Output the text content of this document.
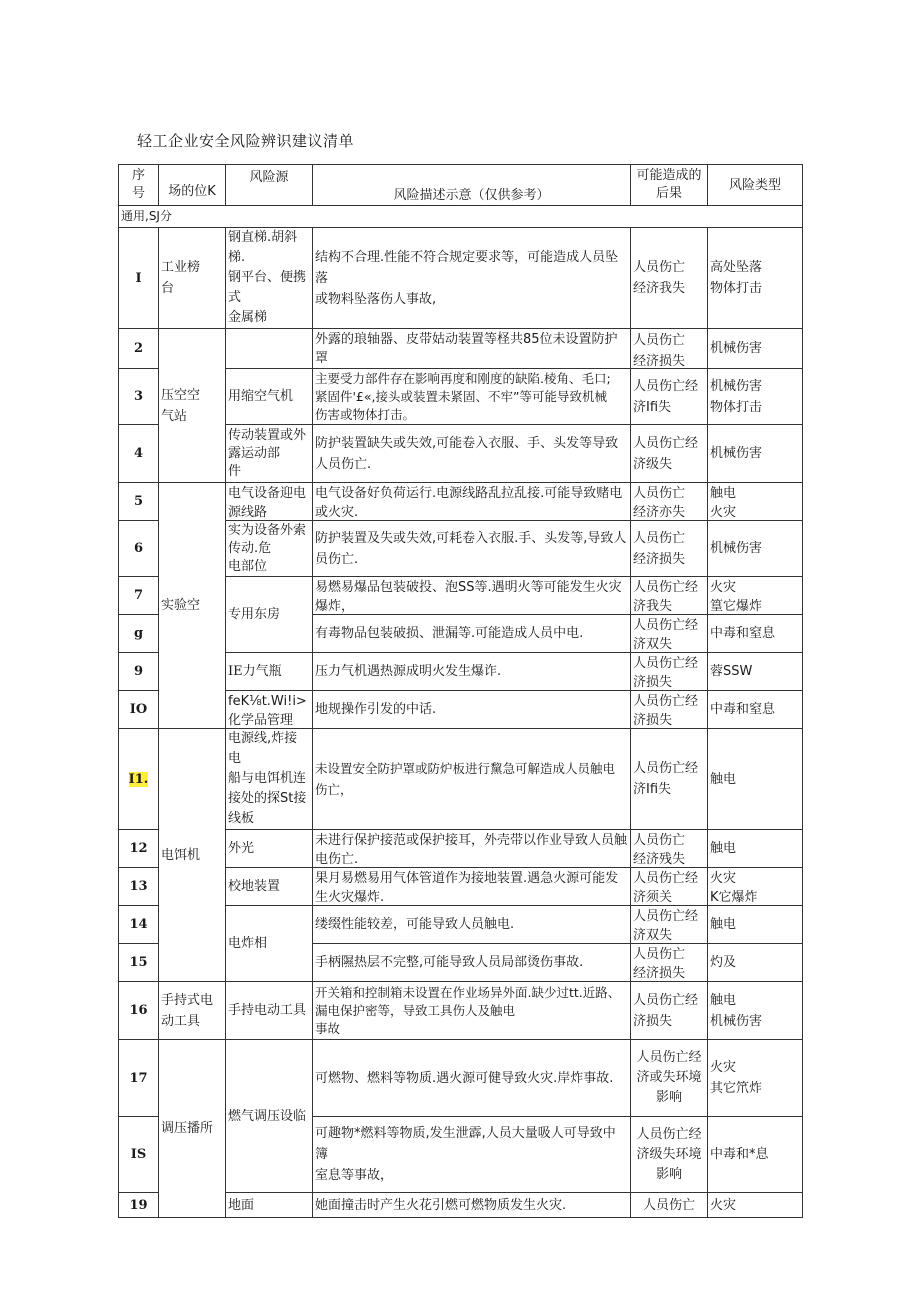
轻工企业安全风险辨识建议清单
序
号	场的位K	风险源	风险描述示意（仅供参考）	可能造成的
后果	风险类型
通用,SJ分					
I	工业榜
台	钢直梯.胡斜梯.
钢平台、便携式
金属梯	结构不合理.性能不符合规定要求等，可能造成人员坠落
或物料坠落伤人事故,	人员伤亡
经济我失	高处坠落
物体打击

2	压空空
气站		外露的琅轴器、皮带姑动装置等柽共85位未设置防护罩	人员伤亡
经济损失	机械伤害

3		用缩空气机	主要受力部件存在影响再度和刚度的缺陷.棱角、毛口;
紧固件'£«,接头或装置未紧固、不牢”等可能导致机械
伤害或物体打击。	人员伤亡经
济Ifi失	机械伤害
物体打击

4		传动装置或外
露运动部
件	防护装置缺失或失效,可能卷入衣服、手、头发等导致
人员伤亡.	人员伤亡经
济级失	机械伤害

5	实验空	电气设备迎电
源线路	电气设备好负荷运行.电源线路乱拉乱接.可能导致赌电
或火灾.	人员伤亡
经济亦失	触电
火灾

6		实为设备外索
传动.危
电部位	防护装置及失或失效,可耗卷入衣服.手、头发等,导致人
员伤亡.	人员伤亡
经济损失	机械伤害

7		专用东房	易燃易爆品包装破投、泡SS等.遇明火等可能发生火灾
爆炸，	人员伤亡经
济我失	火灾
篁它爆炸

g			有毒物品包装破损、泄漏等.可能造成人员中电.	人员伤亡经
济双失	中毒和窒息

9		IE力气瓶	压力气机遇热源成明火发生爆诈.	人员伤亡经
济损失	蓉SSW

IO		feK⅛t.Wi!i>
化学品管理	地规操作引发的中话.	人员伤亡经
济损失	中毒和窒息

I1.	电饵机	电源线,炸接电
船与电饵机连
接处的探St接
线板	未设置安全防护罩或防炉板进行黧急可解造成人员触电
伤亡，	人员伤亡经
济Ifi失	触电

12		外光	未进行保护接范或保护接耳，外壳带以作业导致人员触
电伤亡.	人员伤亡
经济残失	触电

13		校地装置	果月易燃易用气体管道作为接地装置.遇急火源可能发
生火灾爆炸.	人员伤亡经
济须关	火灾
K它爆炸

14		电炸相	缕缀性能较差，可能导致人员触电.	人员伤亡经
济双失	触电

15			手柄隰热层不完整,可能导致人员局部烫伤事故.	人员伤亡
经济损失	灼及

16	手持式电
动工具	手持电动工具	开关箱和控制箱未设置在作业场异外面.缺少过tt.近路、
漏电保护密等，导致工具伤人及触电
事故	人员伤亡经
济损失	触电
机械伤害

17	调压播所	燃气调压设临	可燃物、燃料等物质.遇火源可健导致火灾.岸炸事故.	人员伤亡经
济或失环境
影响	火灾
其它笊炸

IS			可趣物*燃料等物质,发生泄霹,人员大量吸人可导致中簿
室息等事故，	人员伤亡经
济级失环境
影响	中毒和*息

19		地面	她面撞击时产生火花引燃可燃物质发生火灾.	人员伤亡	火灾
